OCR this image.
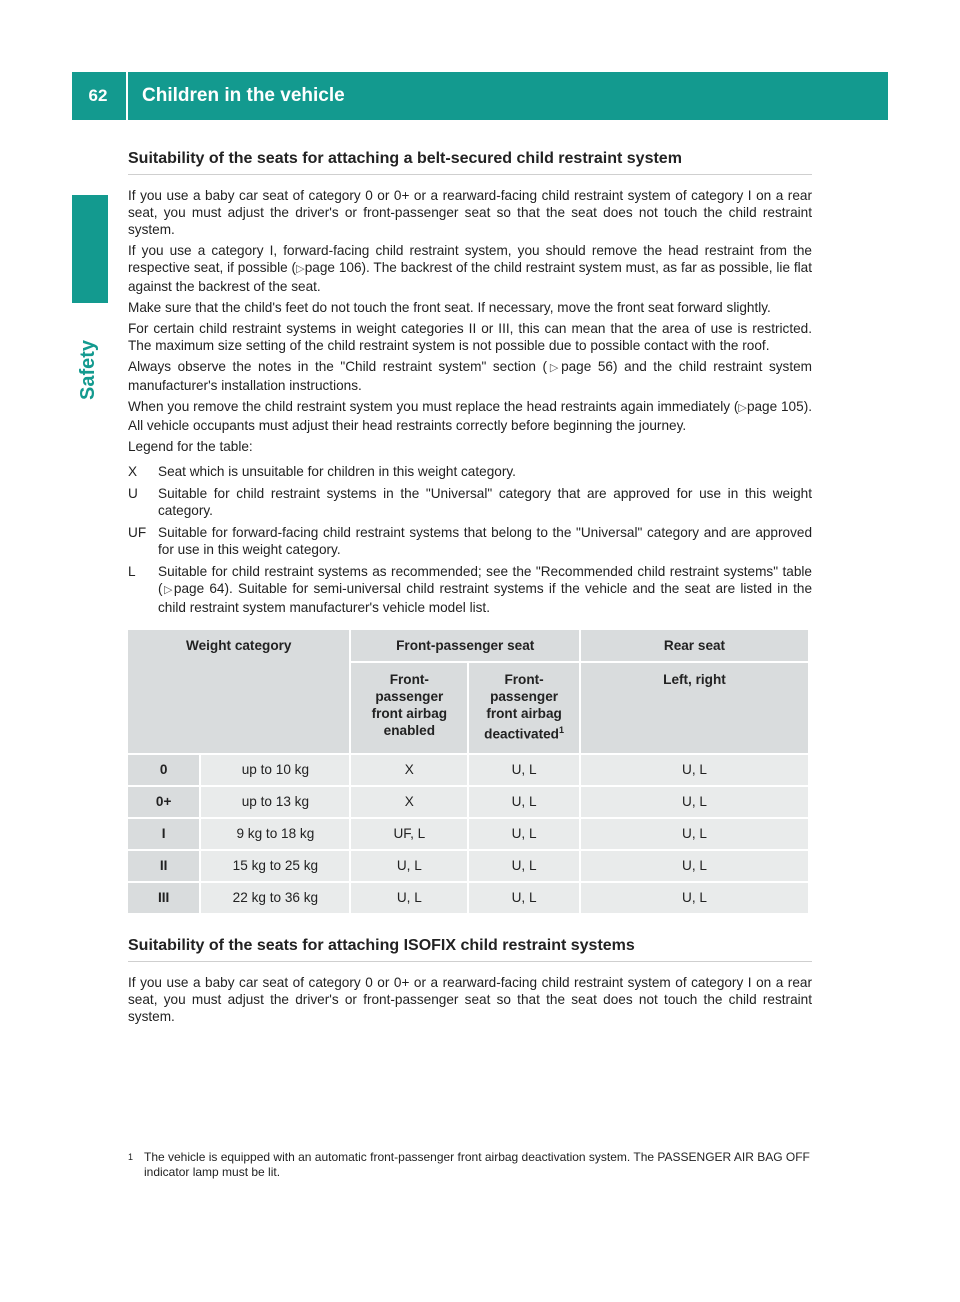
62	Children in the vehicle
Safety
Suitability of the seats for attaching a belt-secured child restraint system

If you use a baby car seat of category 0 or 0+ or a rearward-facing child restraint system of category I on a rear seat, you must adjust the driver's or front-passenger seat so that the seat does not touch the child restraint system.

If you use a category I, forward-facing child restraint system, you should remove the head restraint from the respective seat, if possible (▷page 106). The backrest of the child restraint system must, as far as possible, lie flat against the backrest of the seat.

Make sure that the child's feet do not touch the front seat. If necessary, move the front seat forward slightly.

For certain child restraint systems in weight categories II or III, this can mean that the area of use is restricted. The maximum size setting of the child restraint system is not possible due to possible contact with the roof.

Always observe the notes in the "Child restraint system" section (▷page 56) and the child restraint system manufacturer's installation instructions.

When you remove the child restraint system you must replace the head restraints again immediately (▷page 105). All vehicle occupants must adjust their head restraints correctly before beginning the journey.

Legend for the table:

X	Seat which is unsuitable for children in this weight category.
U	Suitable for child restraint systems in the "Universal" category that are approved for use in this weight category.
UF Suitable for forward-facing child restraint systems that belong to the "Universal" category and are approved for use in this weight category.
L	Suitable for child restraint systems as recommended; see the "Recommended child restraint systems" table (▷page 64). Suitable for semi-universal child restraint systems if the vehicle and the seat are listed in the child restraint system manufacturer's vehicle model list.
Weight category		Front-passenger seat		Rear seat

		Front-passenger front airbag enabled	Front-passenger front airbag deactivated$^1$	Left, right
0	up to 10 kg	X	U, L	U, L
0+	up to 13 kg	X	U, L	U, L
I	9 kg to 18 kg	UF, L	U, L	U, L
II	15 kg to 25 kg	U, L	U, L	U, L
III	22 kg to 36 kg	U, L	U, L	U, L
Suitability of the seats for attaching ISOFIX child restraint systems

If you use a baby car seat of category 0 or 0+ or a rearward-facing child restraint system of category I on a rear seat, you must adjust the driver's or front-passenger seat so that the seat does not touch the child restraint system.

1 The vehicle is equipped with an automatic front-passenger front airbag deactivation system. The PASSENGER AIR BAG OFF indicator lamp must be lit.
